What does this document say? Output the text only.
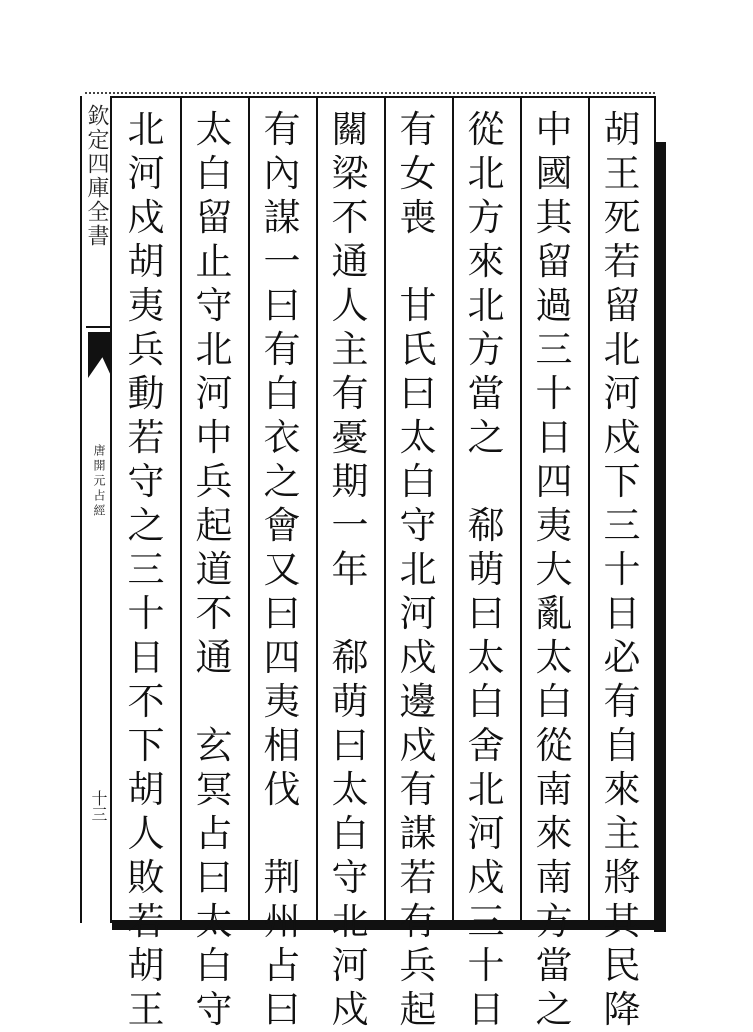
欽定四庫全書
唐開元占經
十三
胡
王
死
若
留
北
河
戍
下
三
十
日
必
有
自
來
主
將
其
民
降
中
國
其
留
過
三
十
日
四
夷
大
亂
太
白
從
南
來
南
方
當
之
從
北
方
來
北
方
當
之

郗
萌
曰
太
白
舍
北
河
戍
三
十
日
有
女
喪

甘
氏
曰
太
白
守
北
河
戍
邊
戍
有
謀
若
有
兵
起
關
梁
不
通
人
主
有
憂
期
一
年

郗
萌
曰
太
白
守
北
河
戍
有
內
謀
一
曰
有
白
衣
之
會
又
曰
四
夷
相
伐

荆
州
占
曰
太
白
留
止
守
北
河
中
兵
起
道
不
通

玄
冥
占
曰
太
白
守
北
河
戍
胡
夷
兵
動
若
守
之
三
十
日
不
下
胡
人
敗
若
胡
王
